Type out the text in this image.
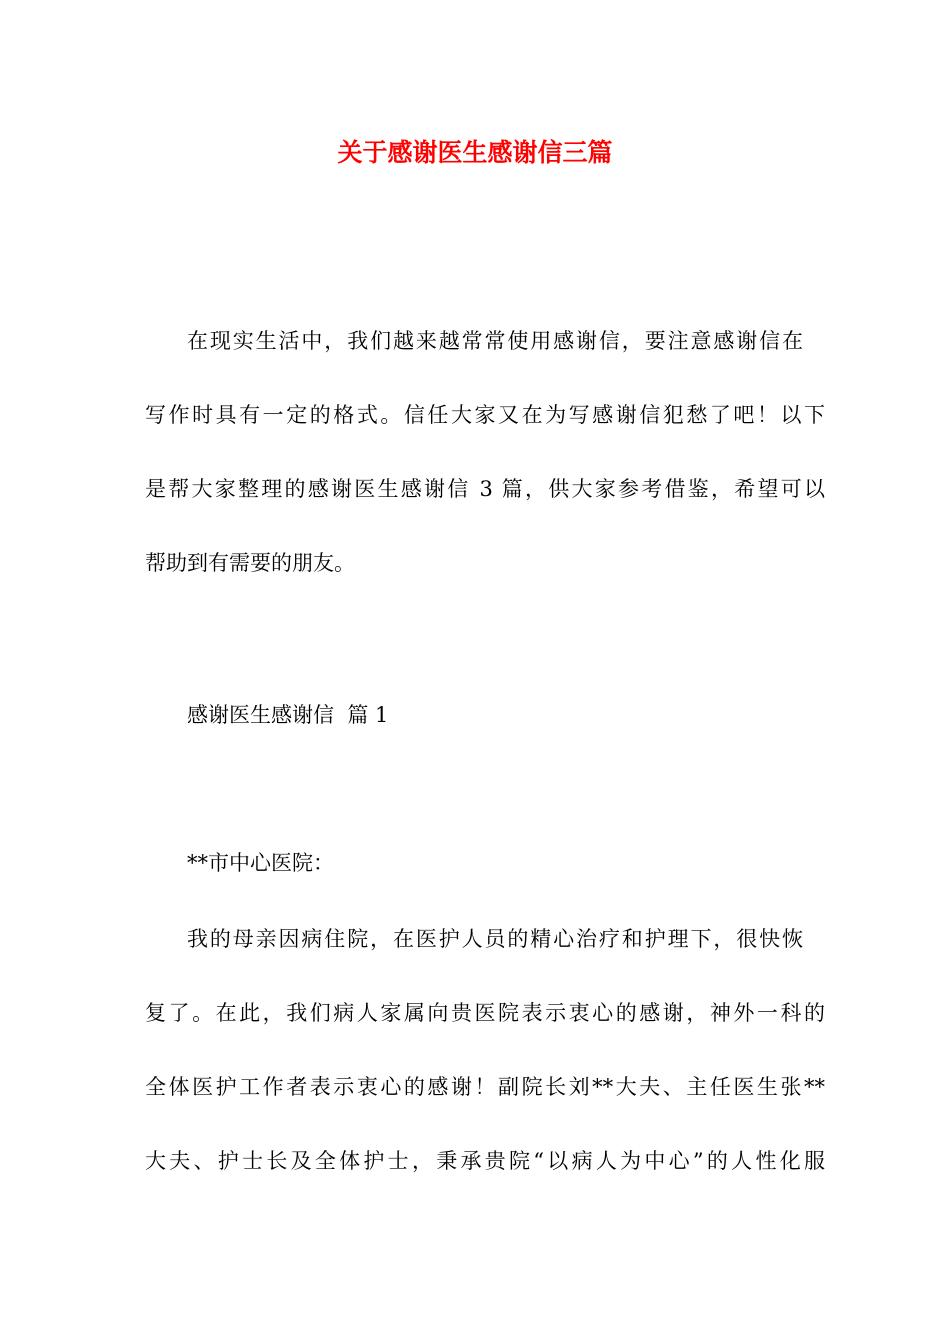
关于感谢医生感谢信三篇

在现实生活中，我们越来越常常使用感谢信，要注意感谢信在

写作时具有一定的格式。信任大家又在为写感谢信犯愁了吧！以下

是帮大家整理的感谢医生感谢信 3 篇，供大家参考借鉴，希望可以

帮助到有需要的朋友。

感谢医生感谢信  篇 1

**市中心医院：

我的母亲因病住院，在医护人员的精心治疗和护理下，很快恢

复了。在此，我们病人家属向贵医院表示衷心的感谢，神外一科的

全体医护工作者表示衷心的感谢！副院长刘**大夫、主任医生张**

大夫、护士长及全体护士，秉承贵院“以病人为中心”的人性化服
